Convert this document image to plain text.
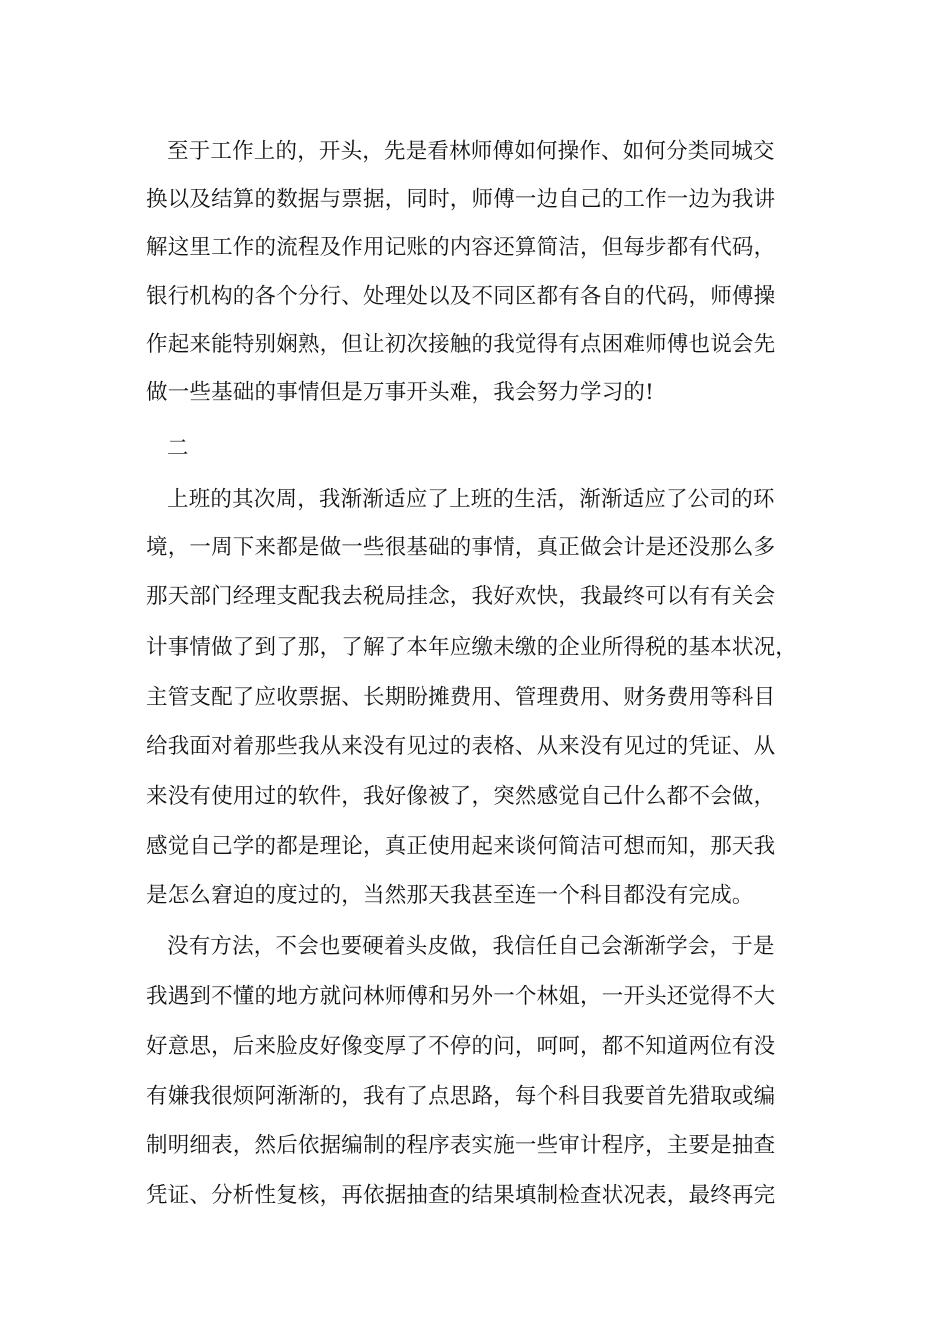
至于工作上的，开头，先是看林师傅如何操作、如何分类同城交
换以及结算的数据与票据，同时，师傅一边自己的工作一边为我讲
解这里工作的流程及作用记账的内容还算简洁，但每步都有代码，
银行机构的各个分行、处理处以及不同区都有各自的代码，师傅操
作起来能特别娴熟，但让初次接触的我觉得有点困难师傅也说会先
做一些基础的事情但是万事开头难，我会努力学习的!
二
上班的其次周，我渐渐适应了上班的生活，渐渐适应了公司的环
境，一周下来都是做一些很基础的事情，真正做会计是还没那么多
那天部门经理支配我去税局挂念，我好欢快，我最终可以有有关会
计事情做了到了那，了解了本年应缴未缴的企业所得税的基本状况，
主管支配了应收票据、长期盼摊费用、管理费用、财务费用等科目
给我面对着那些我从来没有见过的表格、从来没有见过的凭证、从
来没有使用过的软件，我好像被了，突然感觉自己什么都不会做，
感觉自己学的都是理论，真正使用起来谈何简洁可想而知，那天我
是怎么窘迫的度过的，当然那天我甚至连一个科目都没有完成。
没有方法，不会也要硬着头皮做，我信任自己会渐渐学会，于是
我遇到不懂的地方就问林师傅和另外一个林姐，一开头还觉得不大
好意思，后来脸皮好像变厚了不停的问，呵呵，都不知道两位有没
有嫌我很烦阿渐渐的，我有了点思路，每个科目我要首先猎取或编
制明细表，然后依据编制的程序表实施一些审计程序，主要是抽查
凭证、分析性复核，再依据抽查的结果填制检查状况表，最终再完
